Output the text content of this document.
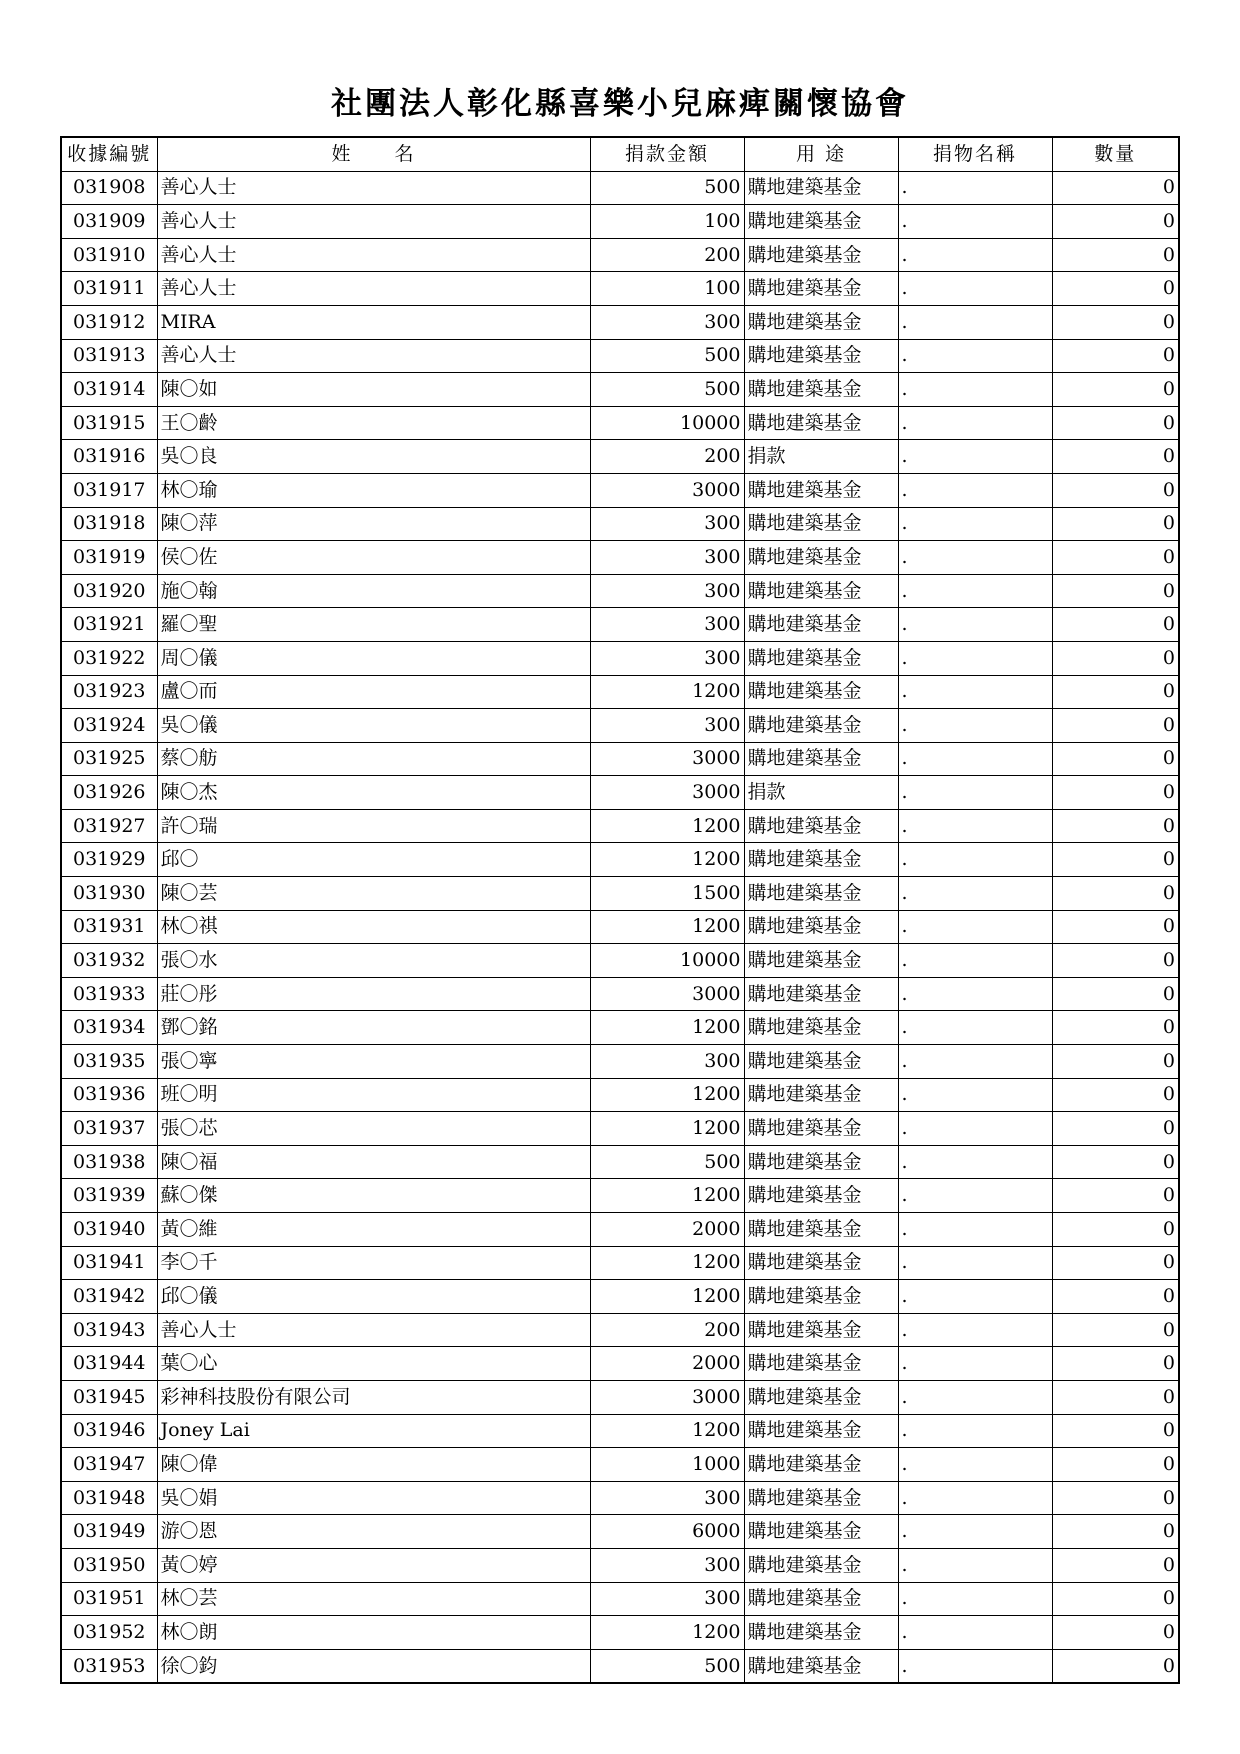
社團法人彰化縣喜樂小兒麻痺關懷協會
收據編號	姓　　名	捐款金額	用 途	捐物名稱	數量
031908	善心人士	500	購地建築基金	.	0
031909	善心人士	100	購地建築基金	.	0
031910	善心人士	200	購地建築基金	.	0
031911	善心人士	100	購地建築基金	.	0
031912	MIRA	300	購地建築基金	.	0
031913	善心人士	500	購地建築基金	.	0
031914	陳〇如	500	購地建築基金	.	0
031915	王〇齡	10000	購地建築基金	.	0
031916	吳〇良	200	捐款	.	0
031917	林〇瑜	3000	購地建築基金	.	0
031918	陳〇萍	300	購地建築基金	.	0
031919	侯〇佐	300	購地建築基金	.	0
031920	施〇翰	300	購地建築基金	.	0
031921	羅〇聖	300	購地建築基金	.	0
031922	周〇儀	300	購地建築基金	.	0
031923	盧〇而	1200	購地建築基金	.	0
031924	吳〇儀	300	購地建築基金	.	0
031925	蔡〇舫	3000	購地建築基金	.	0
031926	陳〇杰	3000	捐款	.	0
031927	許〇瑞	1200	購地建築基金	.	0
031929	邱〇	1200	購地建築基金	.	0
031930	陳〇芸	1500	購地建築基金	.	0
031931	林〇祺	1200	購地建築基金	.	0
031932	張〇水	10000	購地建築基金	.	0
031933	莊〇彤	3000	購地建築基金	.	0
031934	鄧〇銘	1200	購地建築基金	.	0
031935	張〇寧	300	購地建築基金	.	0
031936	班〇明	1200	購地建築基金	.	0
031937	張〇芯	1200	購地建築基金	.	0
031938	陳〇福	500	購地建築基金	.	0
031939	蘇〇傑	1200	購地建築基金	.	0
031940	黃〇維	2000	購地建築基金	.	0
031941	李〇千	1200	購地建築基金	.	0
031942	邱〇儀	1200	購地建築基金	.	0
031943	善心人士	200	購地建築基金	.	0
031944	葉〇心	2000	購地建築基金	.	0
031945	彩神科技股份有限公司	3000	購地建築基金	.	0
031946	Joney Lai	1200	購地建築基金	.	0
031947	陳〇偉	1000	購地建築基金	.	0
031948	吳〇娟	300	購地建築基金	.	0
031949	游〇恩	6000	購地建築基金	.	0
031950	黃〇婷	300	購地建築基金	.	0
031951	林〇芸	300	購地建築基金	.	0
031952	林〇朗	1200	購地建築基金	.	0
031953	徐〇鈞	500	購地建築基金	.	0
